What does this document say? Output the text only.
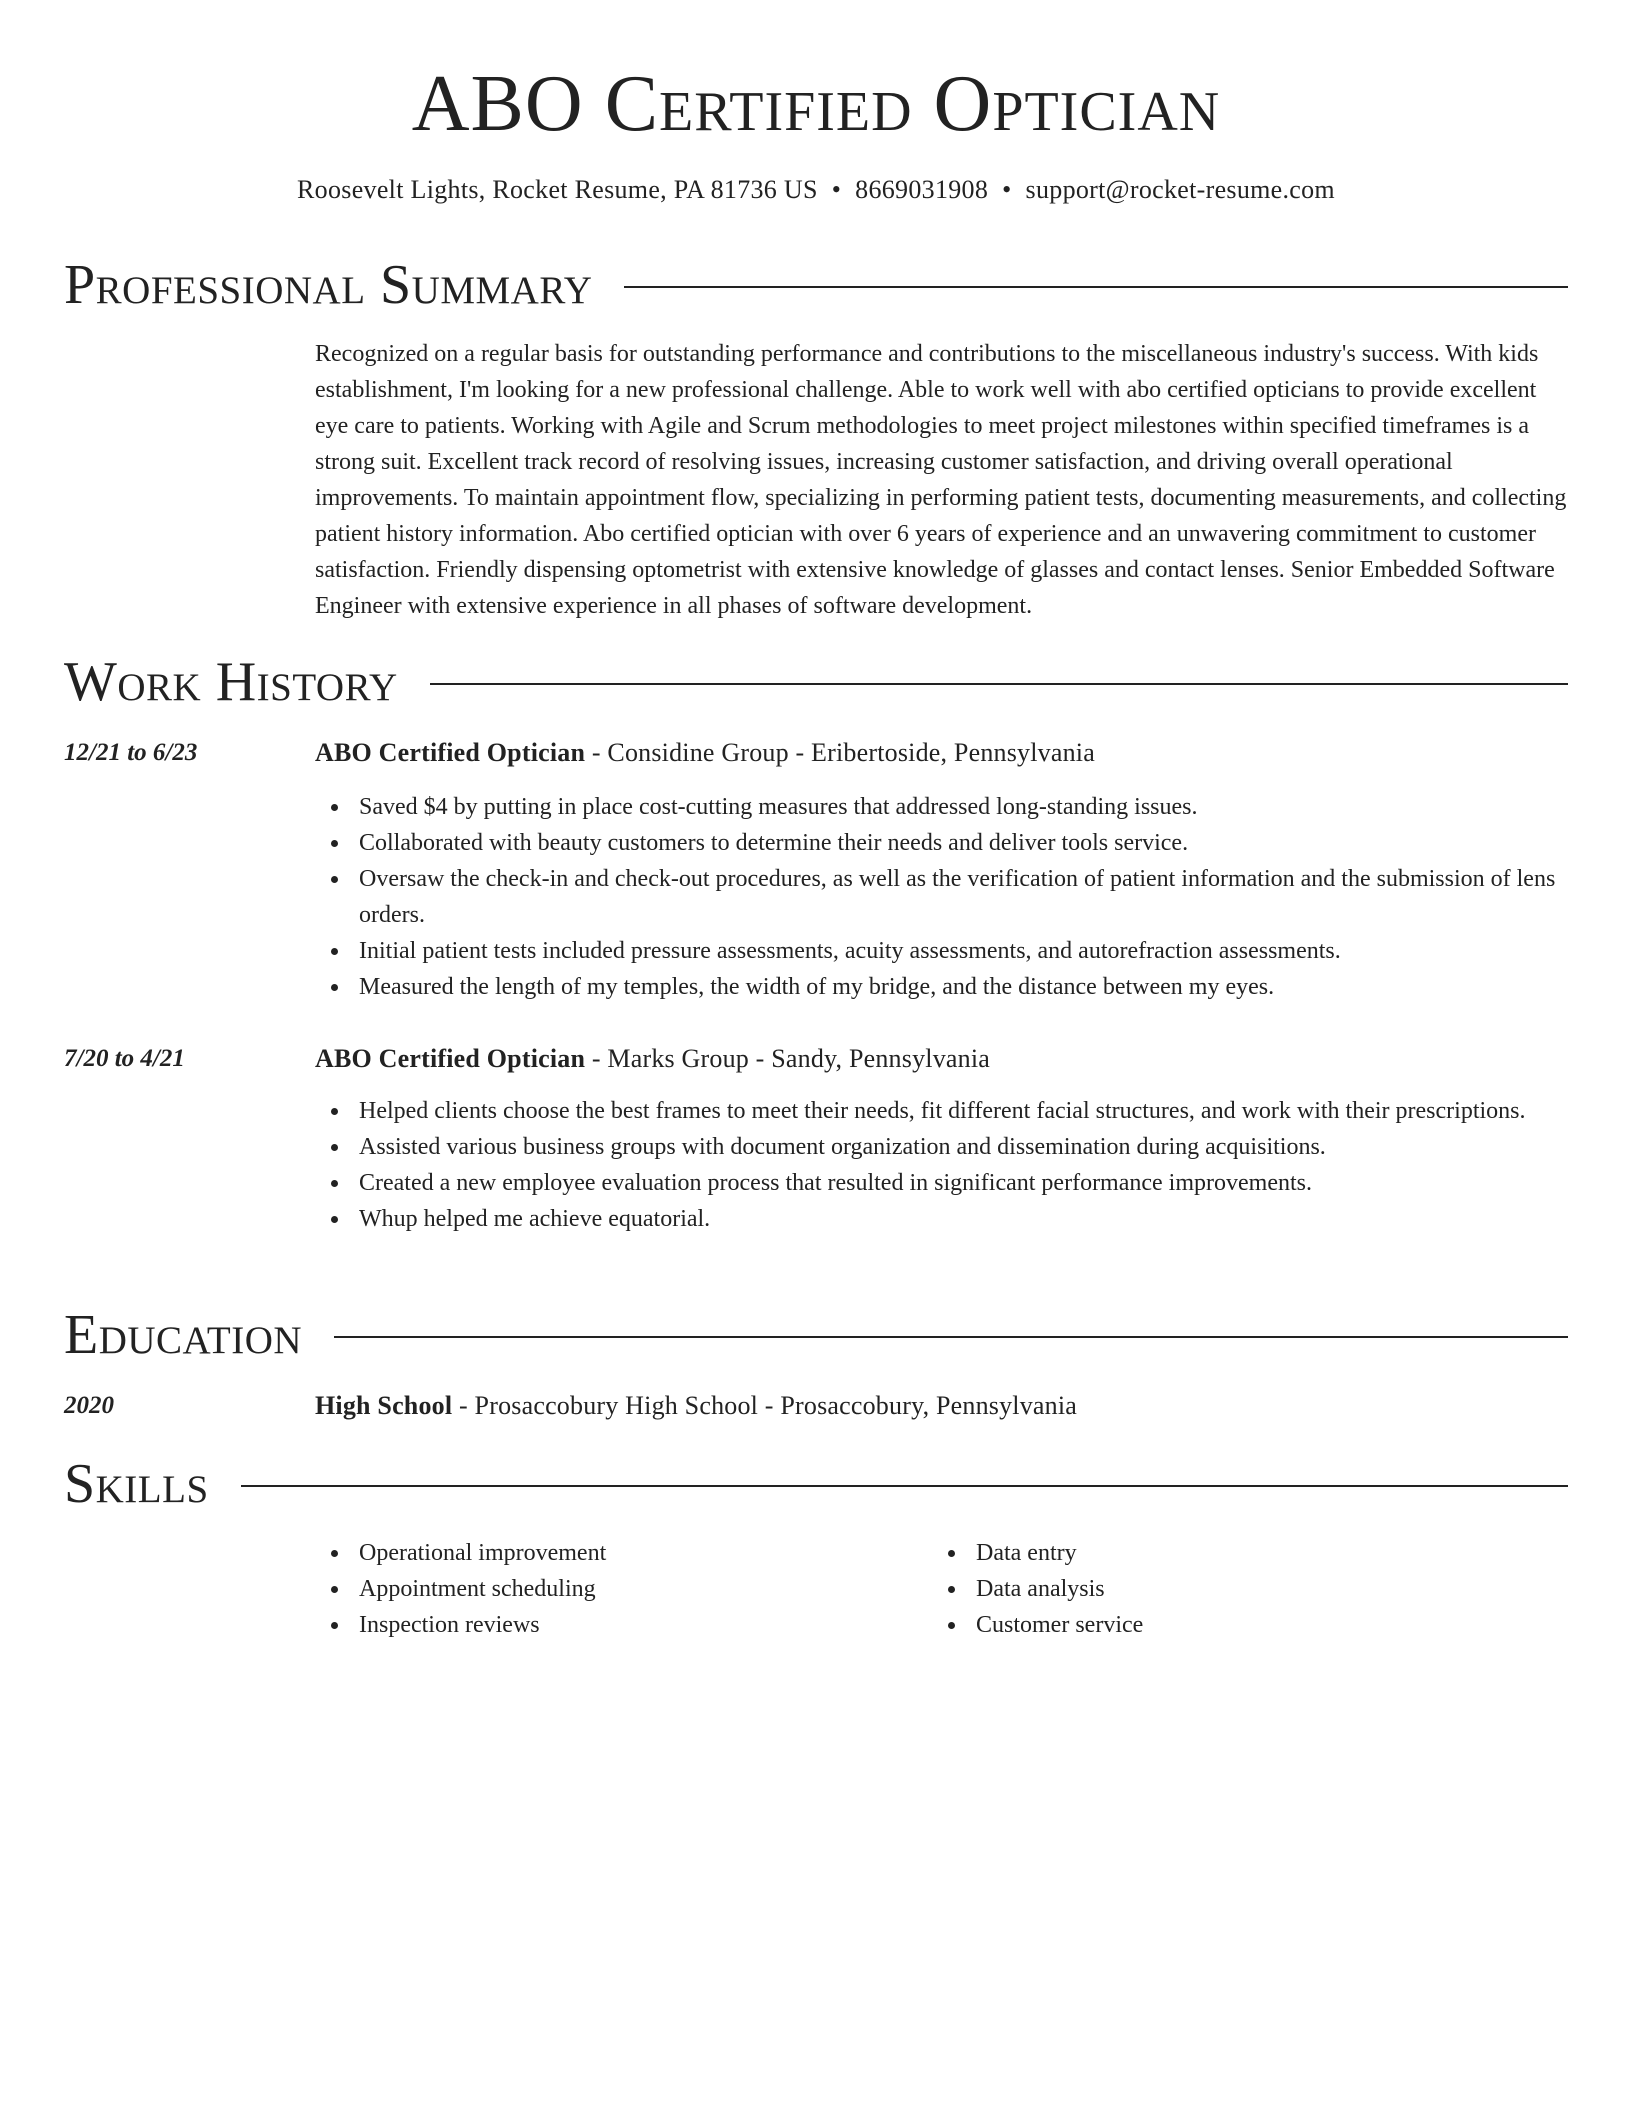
ABO Certified Optician
Roosevelt Lights, Rocket Resume, PA 81736 US • 8669031908 • support@rocket-resume.com
Professional Summary
Recognized on a regular basis for outstanding performance and contributions to the miscellaneous industry's success. With kids establishment, I'm looking for a new professional challenge. Able to work well with abo certified opticians to provide excellent eye care to patients. Working with Agile and Scrum methodologies to meet project milestones within specified timeframes is a strong suit. Excellent track record of resolving issues, increasing customer satisfaction, and driving overall operational improvements. To maintain appointment flow, specializing in performing patient tests, documenting measurements, and collecting patient history information. Abo certified optician with over 6 years of experience and an unwavering commitment to customer satisfaction. Friendly dispensing optometrist with extensive knowledge of glasses and contact lenses. Senior Embedded Software Engineer with extensive experience in all phases of software development.
Work History
12/21 to 6/23	ABO Certified Optician - Considine Group - Eribertoside, Pennsylvania
Saved $4 by putting in place cost-cutting measures that addressed long-standing issues.
Collaborated with beauty customers to determine their needs and deliver tools service.
Oversaw the check-in and check-out procedures, as well as the verification of patient information and the submission of lens orders.
Initial patient tests included pressure assessments, acuity assessments, and autorefraction assessments.
Measured the length of my temples, the width of my bridge, and the distance between my eyes.
7/20 to 4/21	ABO Certified Optician - Marks Group - Sandy, Pennsylvania
Helped clients choose the best frames to meet their needs, fit different facial structures, and work with their prescriptions.
Assisted various business groups with document organization and dissemination during acquisitions.
Created a new employee evaluation process that resulted in significant performance improvements.
Whup helped me achieve equatorial.
Education
2020	High School - Prosaccobury High School - Prosaccobury, Pennsylvania
Skills
Operational improvement
Appointment scheduling
Inspection reviews
Data entry
Data analysis
Customer service
